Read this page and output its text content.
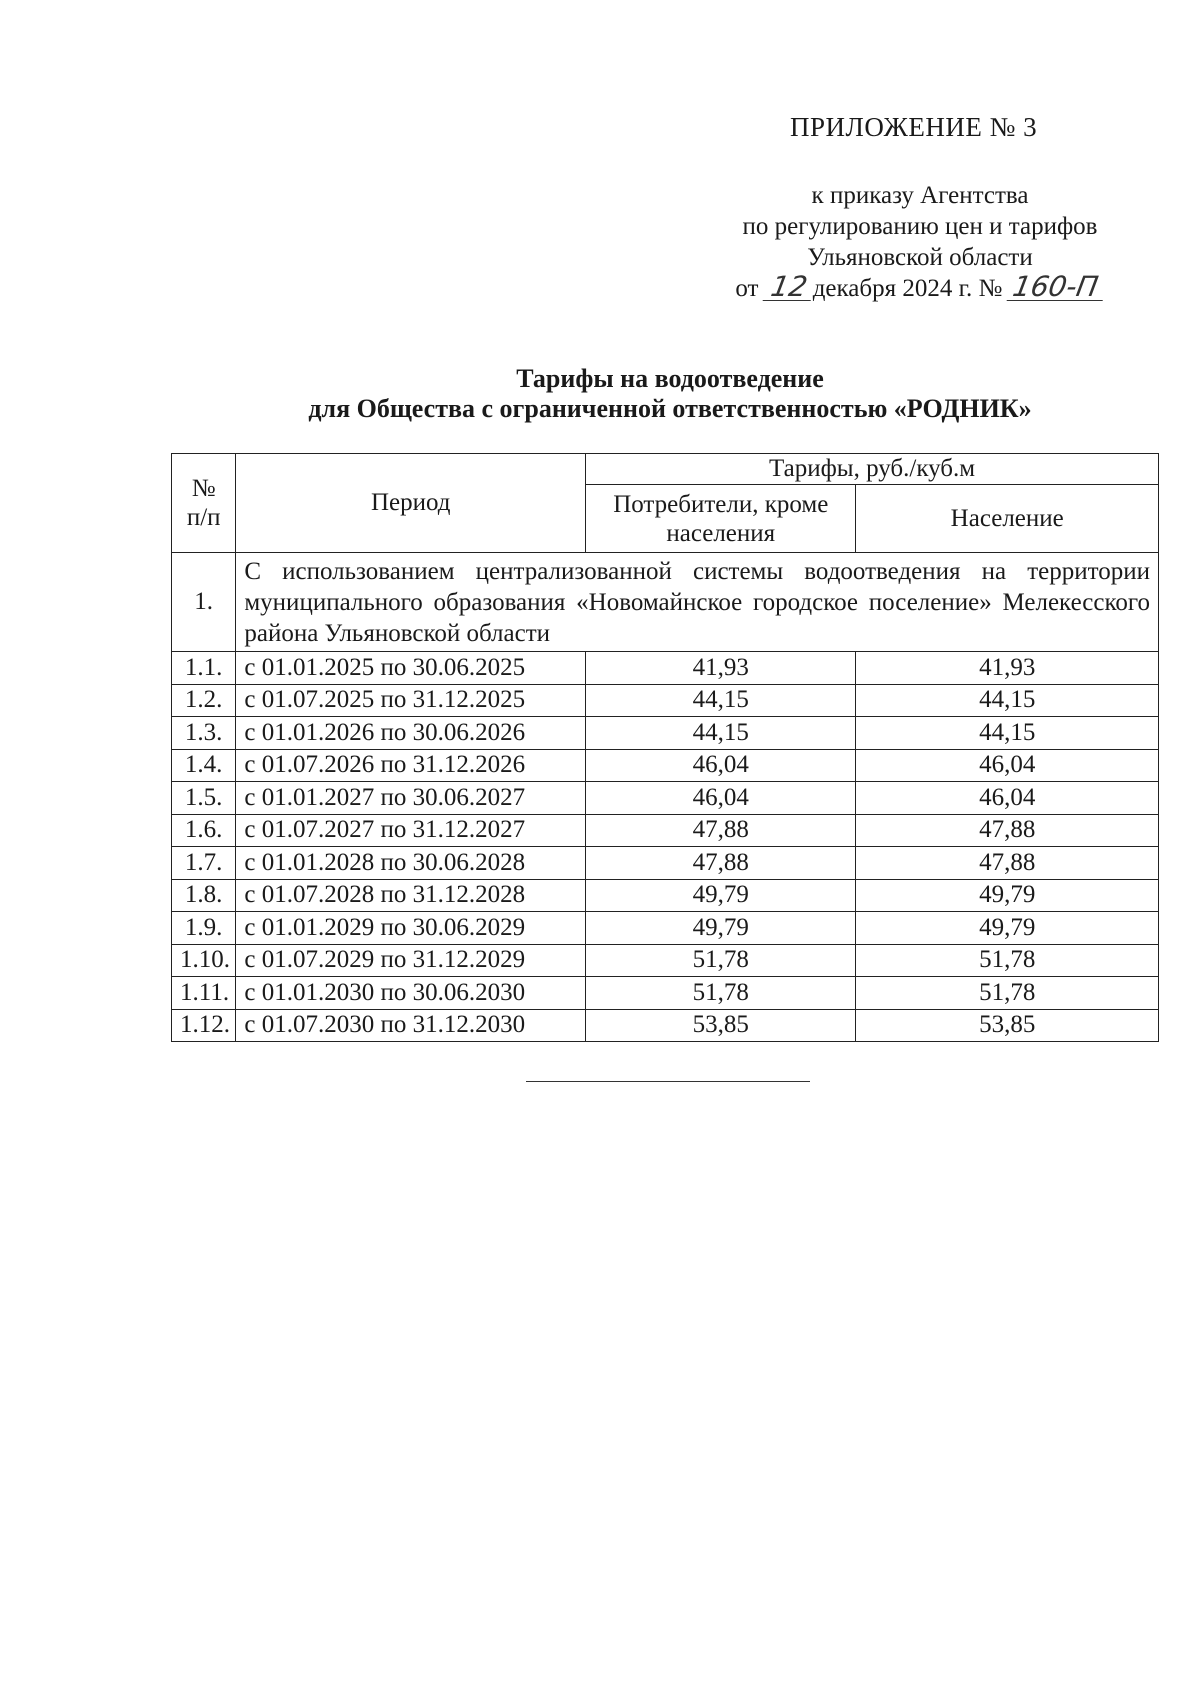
ПРИЛОЖЕНИЕ № 3
к приказу Агентства
по регулированию цен и тарифов
Ульяновской области
от 12 декабря 2024 г. № 160-П
Тарифы на водоотведение
для Общества с ограниченной ответственностью «РОДНИК»
№ п/п	Период	Тарифы, руб./куб.м	
		Потребители, кроме населения	Население
1.	С использованием централизованной системы водоотведения на территории муниципального образования «Новомайнское городское поселение» Мелекесского района Ульяновской области		
1.1.	с 01.01.2025 по 30.06.2025	41,93	41,93
1.2.	с 01.07.2025 по 31.12.2025	44,15	44,15
1.3.	с 01.01.2026 по 30.06.2026	44,15	44,15
1.4.	с 01.07.2026 по 31.12.2026	46,04	46,04
1.5.	с 01.01.2027 по 30.06.2027	46,04	46,04
1.6.	с 01.07.2027 по 31.12.2027	47,88	47,88
1.7.	с 01.01.2028 по 30.06.2028	47,88	47,88
1.8.	с 01.07.2028 по 31.12.2028	49,79	49,79
1.9.	с 01.01.2029 по 30.06.2029	49,79	49,79
1.10.	с 01.07.2029 по 31.12.2029	51,78	51,78
1.11.	с 01.01.2030 по 30.06.2030	51,78	51,78
1.12.	с 01.07.2030 по 31.12.2030	53,85	53,85
